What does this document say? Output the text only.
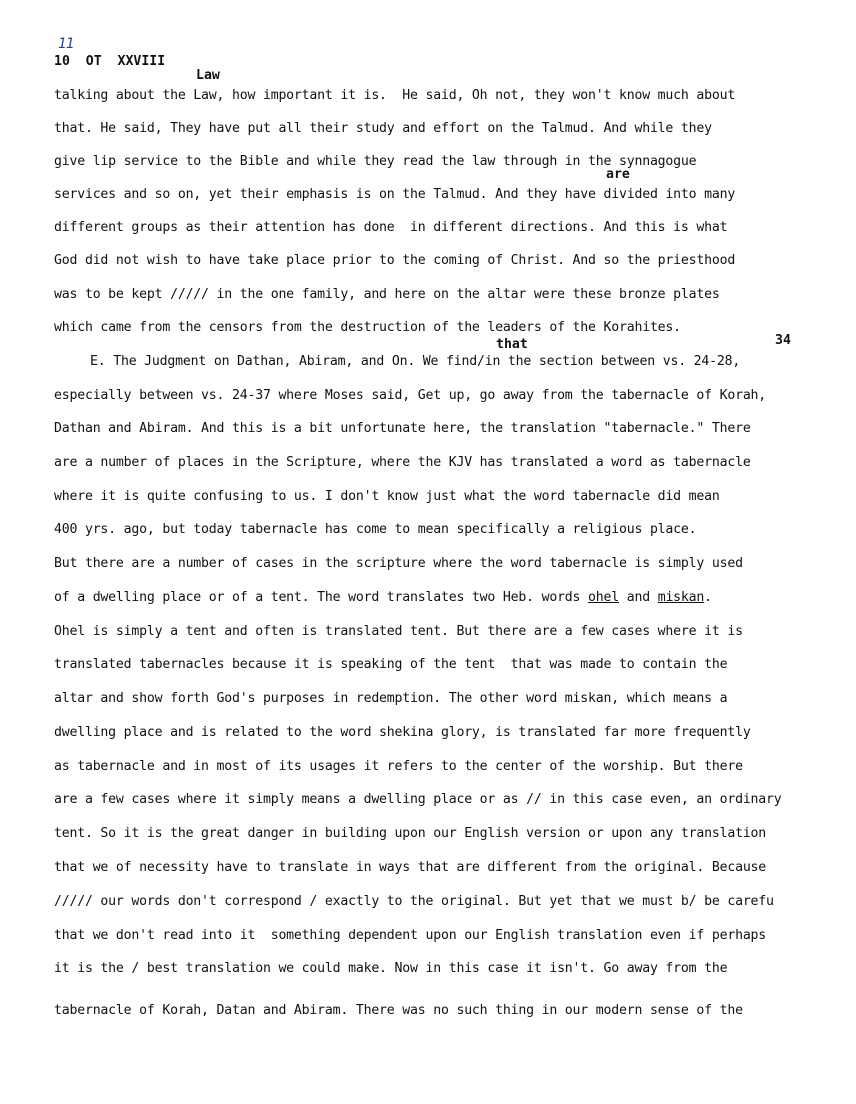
11
10  OT  XXVIII
Law
are
that	34
talking about the Law, how important it is.  He said, Oh not, they won't know much about
that. He said, They have put all their study and effort on the Talmud. And while they
give lip service to the Bible and while they read the law through in the synnagogue
services and so on, yet their emphasis is on the Talmud. And they have divided into many
different groups as their attention has done  in different directions. And this is what
God did not wish to have take place prior to the coming of Christ. And so the priesthood
was to be kept ///// in the one family, and here on the altar were these bronze plates
which came from the censors from the destruction of the leaders of the Korahites.
E. The Judgment on Dathan, Abiram, and On. We find/in the section between vs. 24-28,
especially between vs. 24-37 where Moses said, Get up, go away from the tabernacle of Korah,
Dathan and Abiram. And this is a bit unfortunate here, the translation "tabernacle." There
are a number of places in the Scripture, where the KJV has translated a word as tabernacle
where it is quite confusing to us. I don't know just what the word tabernacle did mean
400 yrs. ago, but today tabernacle has come to mean specifically a religious place.
But there are a number of cases in the scripture where the word tabernacle is simply used
of a dwelling place or of a tent. The word translates two Heb. words ohel and miskan.
Ohel is simply a tent and often is translated tent. But there are a few cases where it is
translated tabernacles because it is speaking of the tent  that was made to contain the
altar and show forth God's purposes in redemption. The other word miskan, which means a
dwelling place and is related to the word shekina glory, is translated far more frequently
as tabernacle and in most of its usages it refers to the center of the worship. But there
are a few cases where it simply means a dwelling place or as // in this case even, an ordinary
tent. So it is the great danger in building upon our English version or upon any translation
that we of necessity have to translate in ways that are different from the original. Because
///// our words don't correspond / exactly to the original. But yet that we must b/ be carefu
that we don't read into it  something dependent upon our English translation even if perhaps
it is the / best translation we could make. Now in this case it isn't. Go away from the
tabernacle of Korah, Datan and Abiram. There was no such thing in our modern sense of the
